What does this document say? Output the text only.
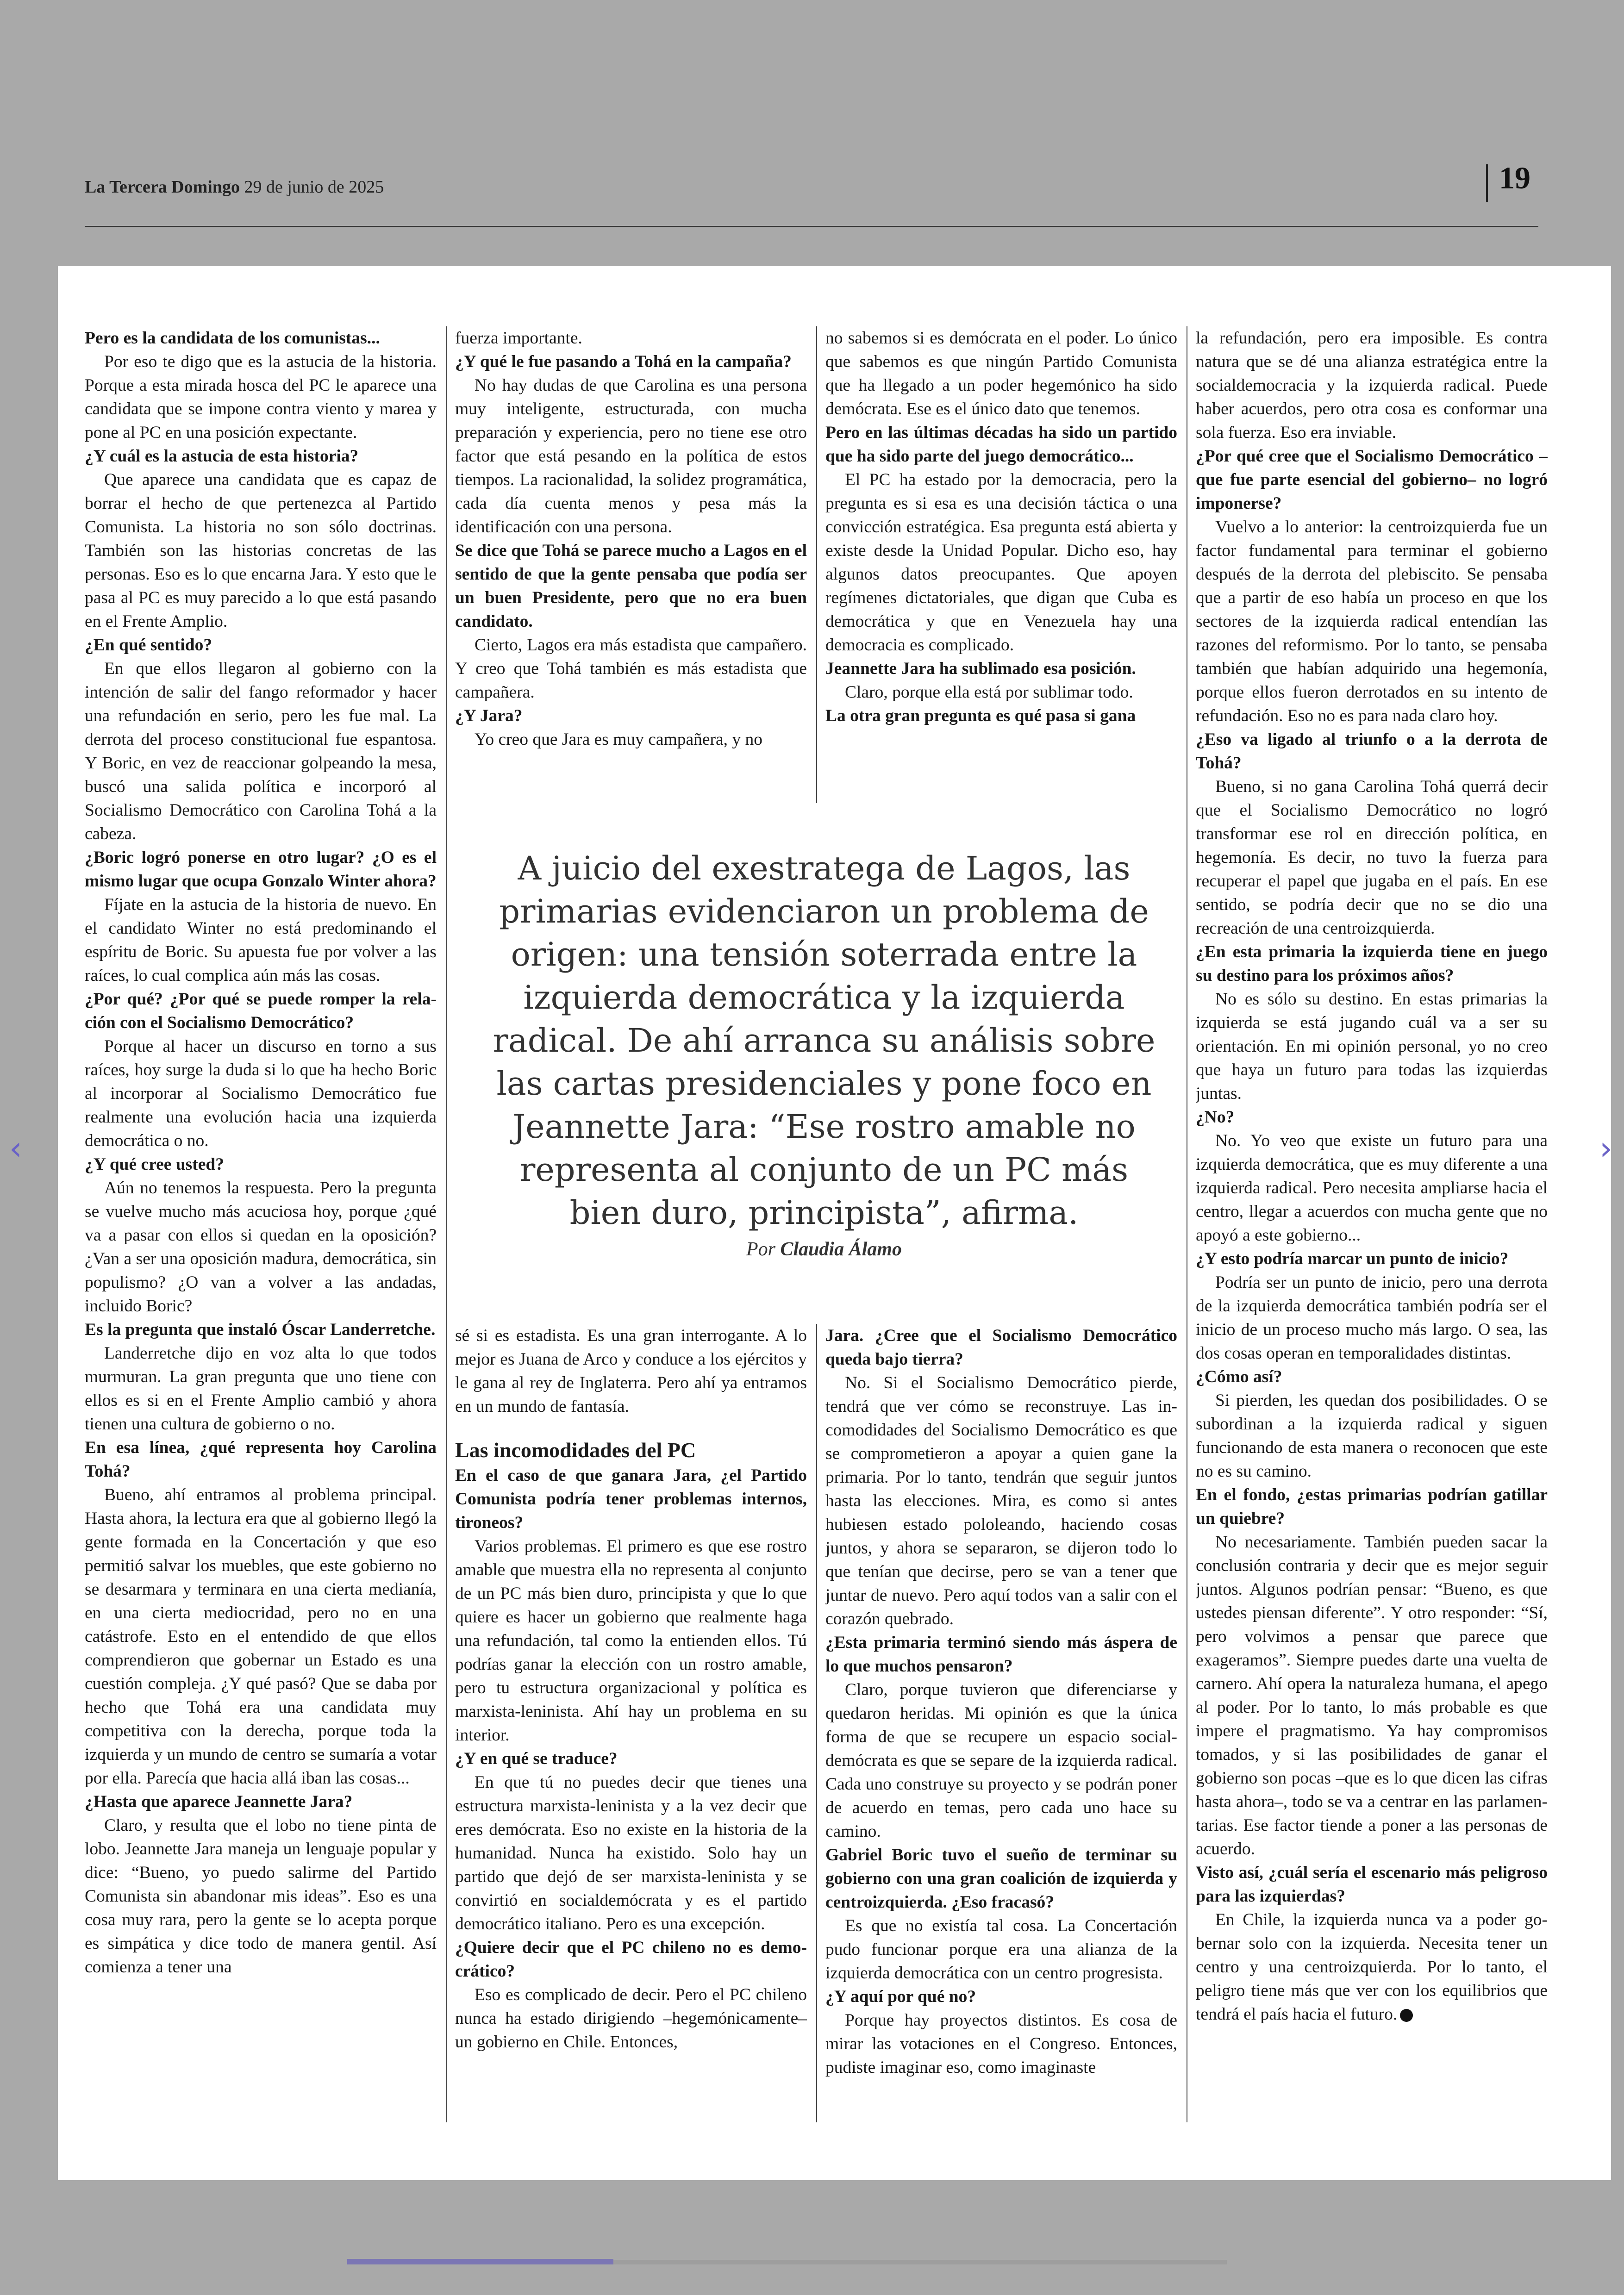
La Tercera Domingo 29 de junio de 2025	19

Pero es la candidata de los comunistas...

Por eso te digo que es la astucia de la historia. Porque a esta mirada hosca del PC le aparece una candidata que se impone contra viento y marea y pone al PC en una posición expectante.

¿Y cuál es la astucia de esta historia?

Que aparece una candidata que es capaz de borrar el hecho de que pertenezca al Partido Comunista. La historia no son sólo doctrinas. También son las historias concretas de las personas. Eso es lo que encarna Jara. Y esto que le pasa al PC es muy parecido a lo que está pasando en el Frente Amplio.

¿En qué sentido?

En que ellos llegaron al gobierno con la intención de salir del fango reformador y hacer una refundación en serio, pero les fue mal. La derrota del proceso constitucional fue espantosa. Y Boric, en vez de reaccionar golpeando la mesa, buscó una salida política e incorporó al Socialismo Democrático con Carolina Tohá a la cabeza.

¿Boric logró ponerse en otro lugar? ¿O es el mismo lugar que ocupa Gonzalo Winter ahora?

Fíjate en la astucia de la historia de nuevo. En el candidato Winter no está predominando el espíritu de Boric. Su apuesta fue por volver a las raíces, lo cual complica aún más las cosas.

¿Por qué? ¿Por qué se puede romper la relación con el Socialismo Democrático?

Porque al hacer un discurso en torno a sus raíces, hoy surge la duda si lo que ha hecho Boric al incorporar al Socialismo Democrático fue realmente una evolución hacia una izquierda democrática o no.

¿Y qué cree usted?

Aún no tenemos la respuesta. Pero la pregunta se vuelve mucho más acuciosa hoy, porque ¿qué va a pasar con ellos si quedan en la oposición? ¿Van a ser una oposición madura, democrática, sin populismo? ¿O van a volver a las andadas, incluido Boric?

Es la pregunta que instaló Óscar Landerretche.

Landerretche dijo en voz alta lo que todos murmuran. La gran pregunta que uno tiene con ellos es si en el Frente Amplio cambió y ahora tienen una cultura de gobierno o no.

En esa línea, ¿qué representa hoy Carolina Tohá?

Bueno, ahí entramos al problema principal. Hasta ahora, la lectura era que al gobierno llegó la gente formada en la Concertación y que eso permitió salvar los muebles, que este gobierno no se desarmara y terminara en una cierta medianía, en una cierta mediocridad, pero no en una catástrofe. Esto en el entendido de que ellos comprendieron que gobernar un Estado es una cuestión compleja. ¿Y qué pasó? Que se daba por hecho que Tohá era una candidata muy competitiva con la derecha, porque toda la izquierda y un mundo de centro se sumaría a votar por ella. Parecía que hacia allá iban las cosas...

¿Hasta que aparece Jeannette Jara?

Claro, y resulta que el lobo no tiene pinta de lobo. Jeannette Jara maneja un lenguaje popular y dice: “Bueno, yo puedo salirme del Partido Comunista sin abandonar mis ideas”. Eso es una cosa muy rara, pero la gente se lo acepta porque es simpática y dice todo de manera gentil. Así comienza a tener una

fuerza importante.

¿Y qué le fue pasando a Tohá en la campaña?

No hay dudas de que Carolina es una persona muy inteligente, estructurada, con mucha preparación y experiencia, pero no tiene ese otro factor que está pesando en la política de estos tiempos. La racionalidad, la solidez programática, cada día cuenta menos y pesa más la identificación con una persona.

Se dice que Tohá se parece mucho a Lagos en el sentido de que la gente pensaba que podía ser un buen Presidente, pero que no era buen candidato.

Cierto, Lagos era más estadista que campañero. Y creo que Tohá también es más estadista que campañera.

¿Y Jara?

Yo creo que Jara es muy campañera, y no

no sabemos si es demócrata en el poder. Lo único que sabemos es que ningún Partido Comunista que ha llegado a un poder hegemónico ha sido demócrata. Ese es el único dato que tenemos.

Pero en las últimas décadas ha sido un partido que ha sido parte del juego democrático...

El PC ha estado por la democracia, pero la pregunta es si esa es una decisión táctica o una convicción estratégica. Esa pregunta está abierta y existe desde la Unidad Popular. Dicho eso, hay algunos datos preocupantes. Que apoyen regímenes dictatoriales, que digan que Cuba es democrática y que en Venezuela hay una democracia es complicado.

Jeannette Jara ha sublimado esa posición.

Claro, porque ella está por sublimar todo.

La otra gran pregunta es qué pasa si gana

la refundación, pero era imposible. Es contra natura que se dé una alianza estratégica entre la socialdemocracia y la izquierda radical. Puede haber acuerdos, pero otra cosa es conformar una sola fuerza. Eso era inviable.

¿Por qué cree que el Socialismo Democrático –que fue parte esencial del gobierno– no logró imponerse?

Vuelvo a lo anterior: la centroizquierda fue un factor fundamental para terminar el gobierno después de la derrota del plebiscito. Se pensaba que a partir de eso había un proceso en que los sectores de la izquierda radical entendían las razones del reformismo. Por lo tanto, se pensaba también que habían adquirido una hegemonía, porque ellos fueron derrotados en su intento de refundación. Eso no es para nada claro hoy.

¿Eso va ligado al triunfo o a la derrota de Tohá?

Bueno, si no gana Carolina Tohá querrá decir que el Socialismo Democrático no logró transformar ese rol en dirección política, en hegemonía. Es decir, no tuvo la fuerza para recuperar el papel que jugaba en el país. En ese sentido, se podría decir que no se dio una recreación de una centroizquierda.

¿En esta primaria la izquierda tiene en juego su destino para los próximos años?

No es sólo su destino. En estas primarias la izquierda se está jugando cuál va a ser su orientación. En mi opinión personal, yo no creo que haya un futuro para todas las izquierdas juntas.

¿No?

No. Yo veo que existe un futuro para una izquierda democrática, que es muy diferente a una izquierda radical. Pero necesita ampliarse hacia el centro, llegar a acuerdos con mucha gente que no apoyó a este gobierno...

¿Y esto podría marcar un punto de inicio?

Podría ser un punto de inicio, pero una derrota de la izquierda democrática también podría ser el inicio de un proceso mucho más largo. O sea, las dos cosas operan en temporalidades distintas.

¿Cómo así?

Si pierden, les quedan dos posibilidades. O se subordinan a la izquierda radical y siguen funcionando de esta manera o reconocen que este no es su camino.

En el fondo, ¿estas primarias podrían gatillar un quiebre?

No necesariamente. También pueden sacar la conclusión contraria y decir que es mejor seguir juntos. Algunos podrían pensar: “Bueno, es que ustedes piensan diferente”. Y otro responder: “Sí, pero volvimos a pensar que parece que exageramos”. Siempre puedes darte una vuelta de carnero. Ahí opera la naturaleza humana, el apego al poder. Por lo tanto, lo más probable es que impere el pragmatismo. Ya hay compromisos tomados, y si las posibilidades de ganar el gobierno son pocas –que es lo que dicen las cifras hasta ahora–, todo se va a centrar en las parlamentarias. Ese factor tiende a poner a las personas de acuerdo.

Visto así, ¿cuál sería el escenario más peligroso para las izquierdas?

En Chile, la izquierda nunca va a poder gobernar solo con la izquierda. Necesita tener un centro y una centroizquierda. Por lo tanto, el peligro tiene más que ver con los equilibrios que tendrá el país hacia el futuro.

sé si es estadista. Es una gran interrogante. A lo mejor es Juana de Arco y conduce a los ejércitos y le gana al rey de Inglaterra. Pero ahí ya entramos en un mundo de fantasía.

Las incomodidades del PC

En el caso de que ganara Jara, ¿el Partido Comunista podría tener problemas internos, tironeos?

Varios problemas. El primero es que ese rostro amable que muestra ella no representa al conjunto de un PC más bien duro, principista y que lo que quiere es hacer un gobierno que realmente haga una refundación, tal como la entienden ellos. Tú podrías ganar la elección con un rostro amable, pero tu estructura organizacional y política es marxista-leninista. Ahí hay un problema en su interior.

¿Y en qué se traduce?

En que tú no puedes decir que tienes una estructura marxista-leninista y a la vez decir que eres demócrata. Eso no existe en la historia de la humanidad. Nunca ha existido. Solo hay un partido que dejó de ser marxista-leninista y se convirtió en socialdemócrata y es el partido democrático italiano. Pero es una excepción.

¿Quiere decir que el PC chileno no es democrático?

Eso es complicado de decir. Pero el PC chileno nunca ha estado dirigiendo –hegemónicamente– un gobierno en Chile. Entonces,

Jara. ¿Cree que el Socialismo Democrático queda bajo tierra?

No. Si el Socialismo Democrático pierde, tendrá que ver cómo se reconstruye. Las incomodidades del Socialismo Democrático es que se comprometieron a apoyar a quien gane la primaria. Por lo tanto, tendrán que seguir juntos hasta las elecciones. Mira, es como si antes hubiesen estado pololeando, haciendo cosas juntos, y ahora se separaron, se dijeron todo lo que tenían que decirse, pero se van a tener que juntar de nuevo. Pero aquí todos van a salir con el corazón quebrado.

¿Esta primaria terminó siendo más áspera de lo que muchos pensaron?

Claro, porque tuvieron que diferenciarse y quedaron heridas. Mi opinión es que la única forma de que se recupere un espacio socialdemócrata es que se separe de la izquierda radical. Cada uno construye su proyecto y se podrán poner de acuerdo en temas, pero cada uno hace su camino.

Gabriel Boric tuvo el sueño de terminar su gobierno con una gran coalición de izquierda y centroizquierda. ¿Eso fracasó?

Es que no existía tal cosa. La Concertación pudo funcionar porque era una alianza de la izquierda democrática con un centro progresista.

¿Y aquí por qué no?

Porque hay proyectos distintos. Es cosa de mirar las votaciones en el Congreso. Entonces, pudiste imaginar eso, como imaginaste

A juicio del exestratega de Lagos, las primarias evidenciaron un problema de origen: una tensión soterrada entre la izquierda democrática y la izquierda radical. De ahí arranca su análisis sobre las cartas presidenciales y pone foco en Jeannette Jara: “Ese rostro amable no representa al conjunto de un PC más bien duro, principista”, afirma.
Por Claudia Álamo
‹	›
